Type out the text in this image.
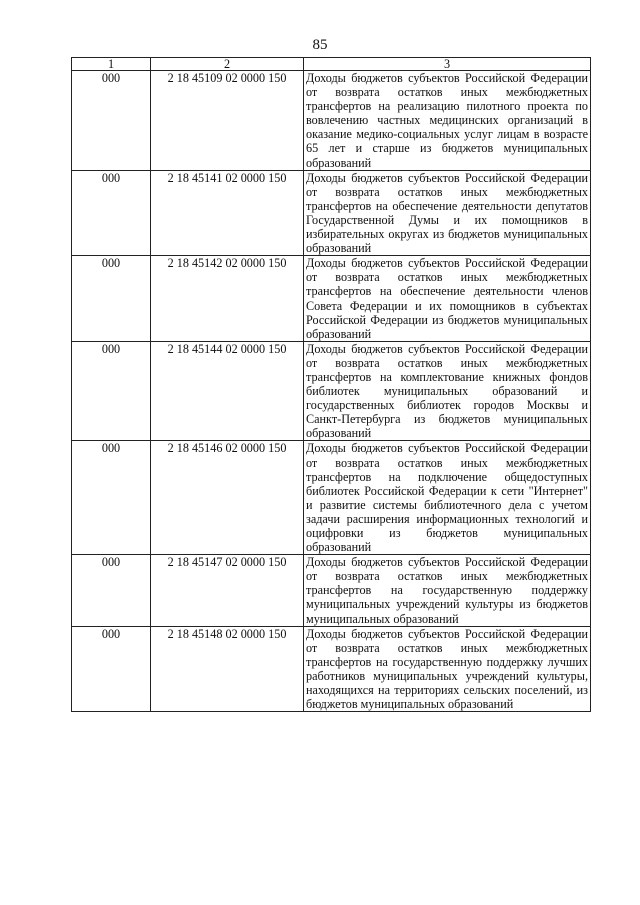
85
1	2	3
000	2 18 45109 02 0000 150	Доходы бюджетов субъектов Российской Федерации от возврата остатков иных межбюджетных трансфертов на реализацию пилотного проекта по вовлечению частных медицинских организаций в оказание медико-социальных услуг лицам в возрасте 65 лет и старше из бюджетов муниципальных образований
000	2 18 45141 02 0000 150	Доходы бюджетов субъектов Российской Федерации от возврата остатков иных межбюджетных трансфертов на обеспечение деятельности депутатов Государственной Думы и их помощников в избирательных округах из бюджетов муниципальных образований
000	2 18 45142 02 0000 150	Доходы бюджетов субъектов Российской Федерации от возврата остатков иных межбюджетных трансфертов на обеспечение деятельности членов Совета Федерации и их помощников в субъектах Российской Федерации из бюджетов муниципальных образований
000	2 18 45144 02 0000 150	Доходы бюджетов субъектов Российской Федерации от возврата остатков иных межбюджетных трансфертов на комплектование книжных фондов библиотек муниципальных образований и государственных библиотек городов Москвы и Санкт-Петербурга из бюджетов муниципальных образований
000	2 18 45146 02 0000 150	Доходы бюджетов субъектов Российской Федерации от возврата остатков иных межбюджетных трансфертов на подключение общедоступных библиотек Российской Федерации к сети "Интернет" и развитие системы библиотечного дела с учетом задачи расширения информационных технологий и оцифровки из бюджетов муниципальных образований
000	2 18 45147 02 0000 150	Доходы бюджетов субъектов Российской Федерации от возврата остатков иных межбюджетных трансфертов на государственную поддержку муниципальных учреждений культуры из бюджетов муниципальных образований
000	2 18 45148 02 0000 150	Доходы бюджетов субъектов Российской Федерации от возврата остатков иных межбюджетных трансфертов на государственную поддержку лучших работников муниципальных учреждений культуры, находящихся на территориях сельских поселений, из бюджетов муниципальных образований
